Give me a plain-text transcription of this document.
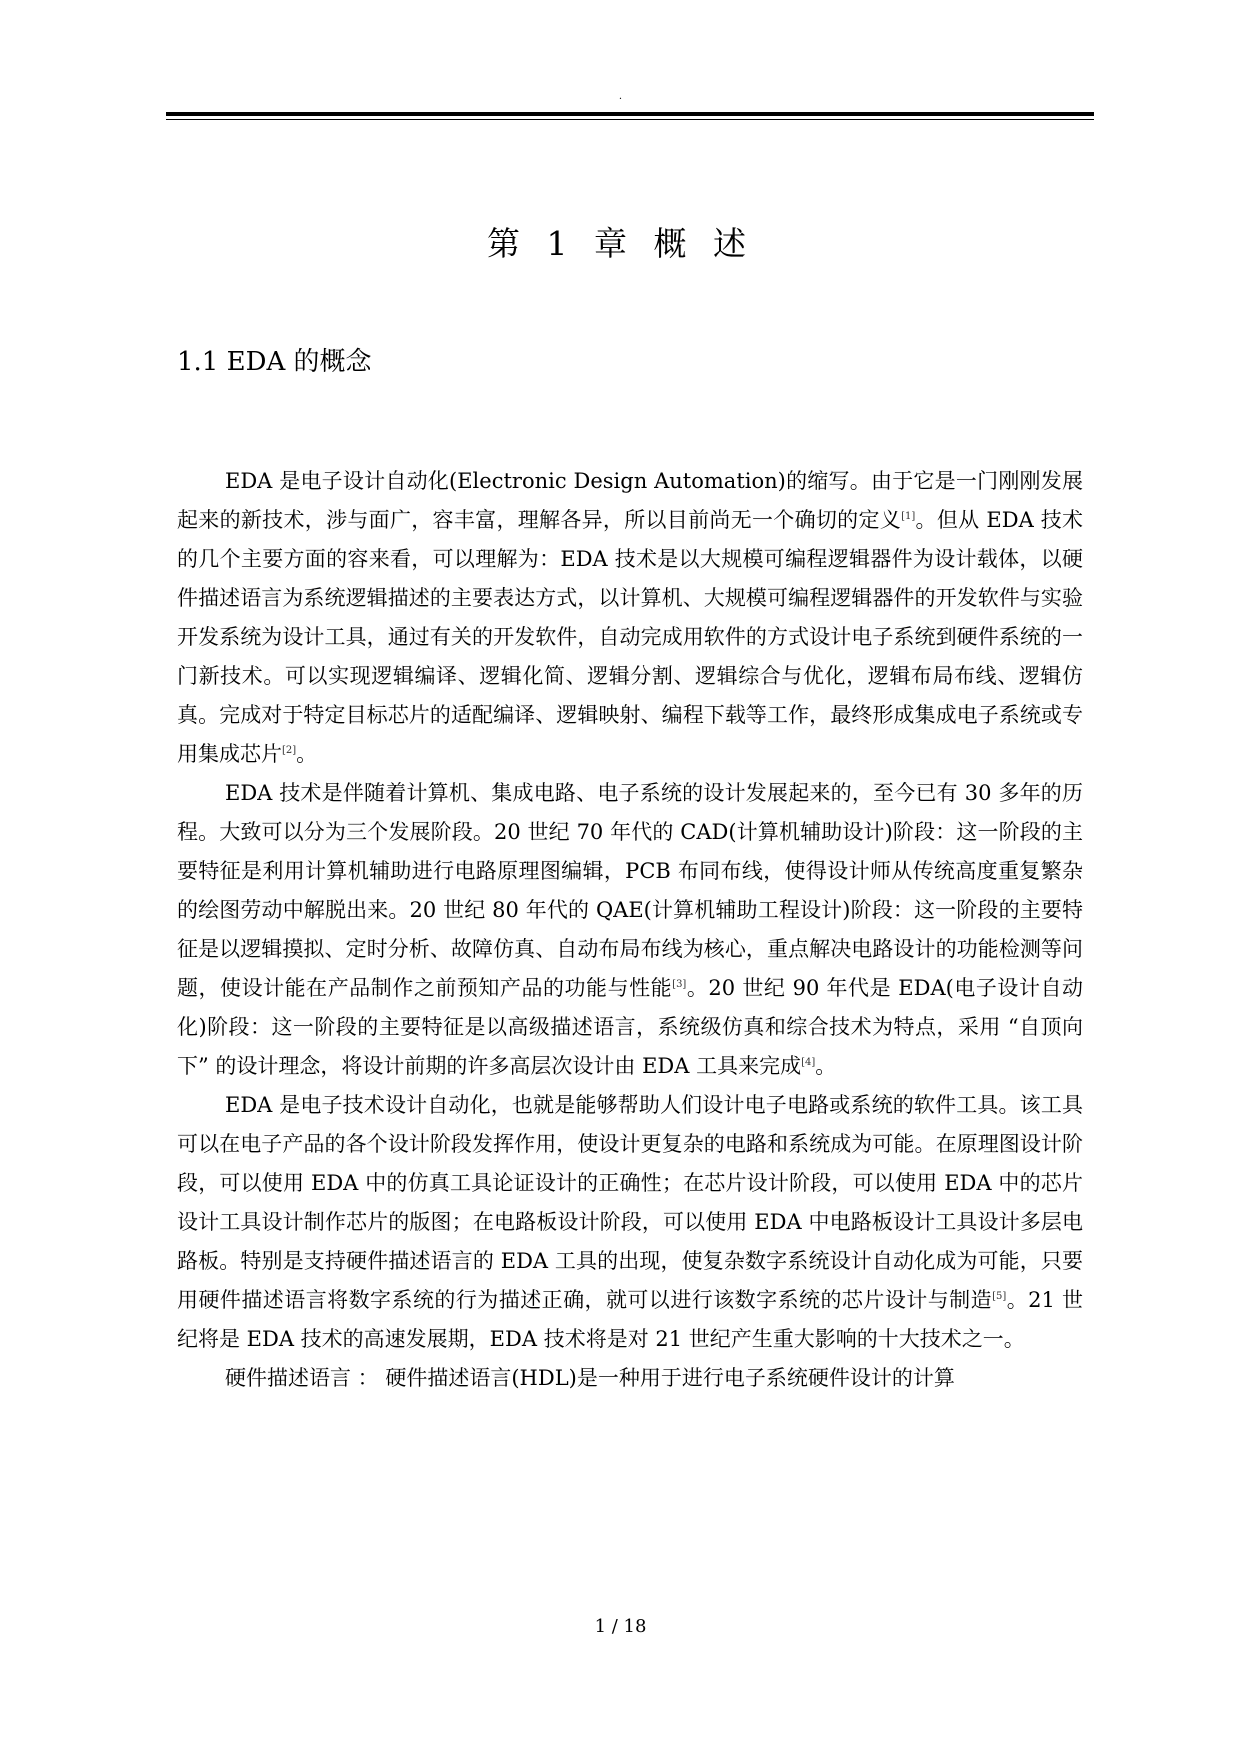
.
第 1 章 概 述
1.1 EDA 的概念

EDA 是电子设计自动化(Electronic Design Automation)的缩写。由于它是一门刚刚发展起来的新技术，涉与面广，容丰富，理解各异，所以目前尚无一个确切的定义[1]。但从 EDA 技术的几个主要方面的容来看，可以理解为：EDA 技术是以大规模可编程逻辑器件为设计载体，以硬件描述语言为系统逻辑描述的主要表达方式，以计算机、大规模可编程逻辑器件的开发软件与实验开发系统为设计工具，通过有关的开发软件，自动完成用软件的方式设计电子系统到硬件系统的一门新技术。可以实现逻辑编译、逻辑化简、逻辑分割、逻辑综合与优化，逻辑布局布线、逻辑仿真。完成对于特定目标芯片的适配编译、逻辑映射、编程下载等工作，最终形成集成电子系统或专用集成芯片[2]。

EDA 技术是伴随着计算机、集成电路、电子系统的设计发展起来的，至今已有 30 多年的历程。大致可以分为三个发展阶段。20 世纪 70 年代的 CAD(计算机辅助设计)阶段：这一阶段的主要特征是利用计算机辅助进行电路原理图编辑，PCB 布同布线，使得设计师从传统高度重复繁杂的绘图劳动中解脱出来。20 世纪 80 年代的 QAE(计算机辅助工程设计)阶段：这一阶段的主要特征是以逻辑摸拟、定时分析、故障仿真、自动布局布线为核心，重点解决电路设计的功能检测等问题，使设计能在产品制作之前预知产品的功能与性能[3]。20 世纪 90 年代是 EDA(电子设计自动化)阶段：这一阶段的主要特征是以高级描述语言，系统级仿真和综合技术为特点，采用 “自顶向下” 的设计理念，将设计前期的许多高层次设计由 EDA 工具来完成[4]。

EDA 是电子技术设计自动化，也就是能够帮助人们设计电子电路或系统的软件工具。该工具可以在电子产品的各个设计阶段发挥作用，使设计更复杂的电路和系统成为可能。在原理图设计阶段，可以使用 EDA 中的仿真工具论证设计的正确性；在芯片设计阶段，可以使用 EDA 中的芯片设计工具设计制作芯片的版图；在电路板设计阶段，可以使用 EDA 中电路板设计工具设计多层电路板。特别是支持硬件描述语言的 EDA 工具的出现，使复杂数字系统设计自动化成为可能，只要用硬件描述语言将数字系统的行为描述正确，就可以进行该数字系统的芯片设计与制造[5]。21 世纪将是 EDA 技术的高速发展期，EDA 技术将是对 21 世纪产生重大影响的十大技术之一。

硬件描述语言 ： 硬件描述语言(HDL)是一种用于进行电子系统硬件设计的计算

1 / 18
